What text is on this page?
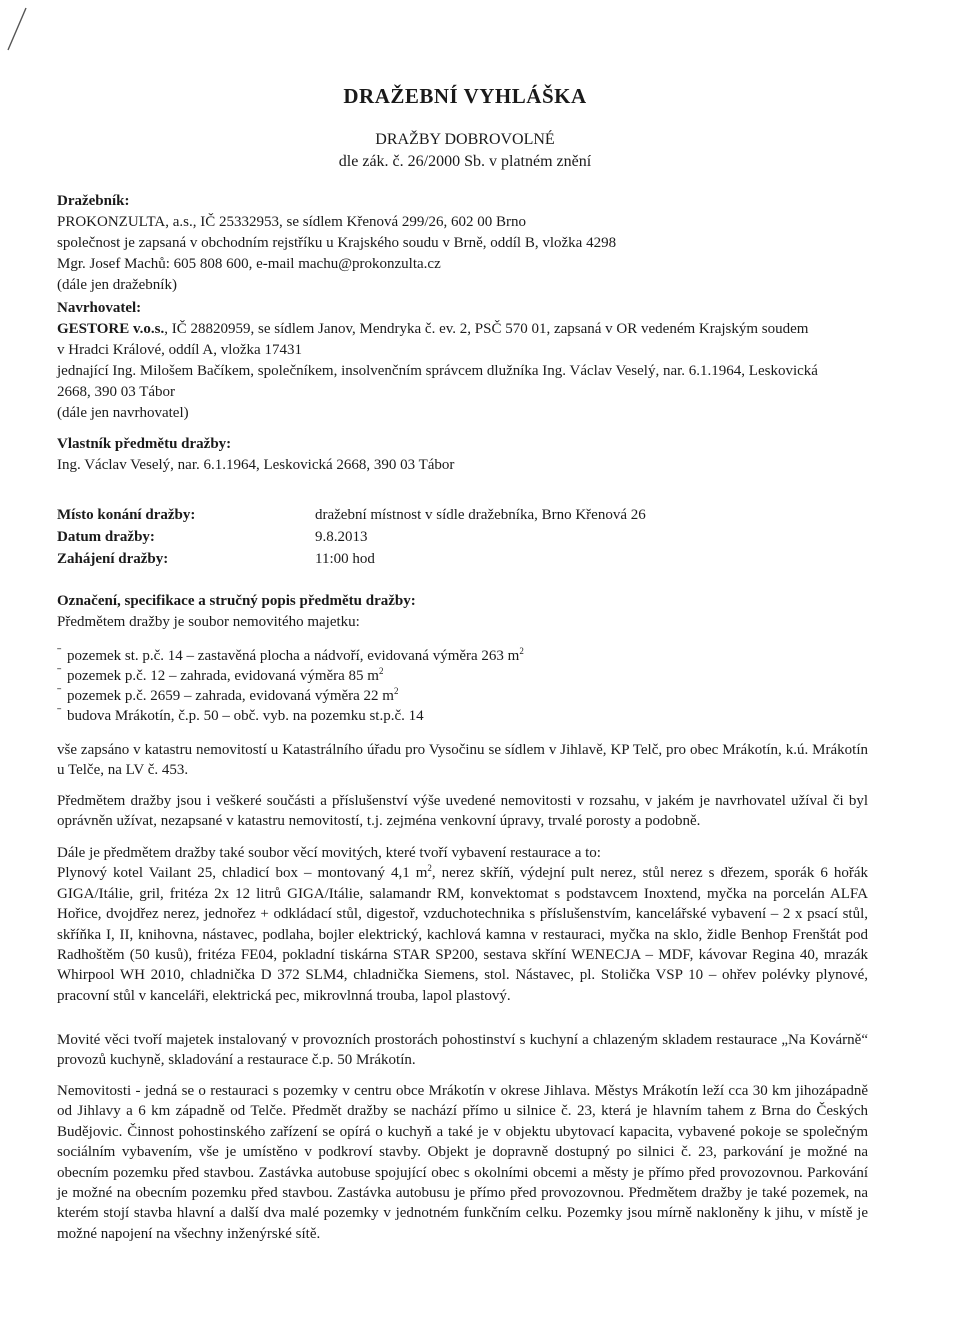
DRAŽEBNÍ VYHLÁŠKA
DRAŽBY DOBROVOLNÉ
dle zák. č. 26/2000 Sb. v platném znění
Dražebník:
PROKONZULTA, a.s., IČ 25332953, se sídlem Křenová 299/26, 602 00 Brno
společnost je zapsaná v obchodním rejstříku u Krajského soudu v Brně, oddíl B, vložka 4298
Mgr. Josef Machů: 605 808 600, e-mail machu@prokonzulta.cz
(dále jen dražebník)
Navrhovatel:
GESTORE v.o.s., IČ 28820959, se sídlem Janov, Mendryka č. ev. 2, PSČ 570 01, zapsaná v OR vedeném Krajským soudem
v Hradci Králové, oddíl A, vložka 17431
jednající Ing. Milošem Bačíkem, společníkem, insolvenčním správcem dlužníka Ing. Václav Veselý, nar. 6.1.1964, Leskovická
2668, 390 03 Tábor
(dále jen navrhovatel)
Vlastník předmětu dražby:
Ing. Václav Veselý, nar. 6.1.1964, Leskovická 2668, 390 03 Tábor
Místo konání dražby:	dražební místnost v sídle dražebníka, Brno Křenová 26
Datum dražby:	9.8.2013
Zahájení dražby:	11:00 hod
Označení, specifikace a stručný popis předmětu dražby:
Předmětem dražby je soubor nemovitého majetku:
ˉ pozemek st. p.č. 14 – zastavěná plocha a nádvoří, evidovaná výměra 263 $m^2$
ˉ pozemek p.č. 12 – zahrada, evidovaná výměra 85 $m^2$
ˉ pozemek p.č. 2659 – zahrada, evidovaná výměra 22 $m^2$
ˉ budova Mrákotín, č.p. 50 – obč. vyb. na pozemku st.p.č. 14
vše zapsáno v katastru nemovitostí u Katastrálního úřadu pro Vysočinu se sídlem v Jihlavě, KP Telč, pro obec Mrákotín, k.ú. Mrákotín u Telče, na LV č. 453.
Předmětem dražby jsou i veškeré součásti a příslušenství výše uvedené nemovitosti v rozsahu, v jakém je navrhovatel užíval či byl oprávněn užívat, nezapsané v katastru nemovitostí, t.j. zejména venkovní úpravy, trvalé porosty a podobně.
Dále je předmětem dražby také soubor věcí movitých, které tvoří vybavení restaurace a to:
Plynový kotel Vailant 25, chladicí box – montovaný 4,1 $m^2$, nerez skříň, výdejní pult nerez, stůl nerez s dřezem, sporák 6 hořák GIGA/Itálie, gril, fritéza 2x 12 litrů GIGA/Itálie, salamandr RM, konvektomat s podstavcem Inoxtend, myčka na porcelán ALFA Hořice, dvojdřez nerez, jednořez + odkládací stůl, digestoř, vzduchotechnika s příslušenstvím, kancelářské vybavení – 2 x psací stůl, skříňka I, II, knihovna, nástavec, podlaha, bojler elektrický, kachlová kamna v restauraci, myčka na sklo, židle Benhop Frenštát pod Radhoštěm (50 kusů), fritéza FE04, pokladní tiskárna STAR SP200, sestava skříní WENECJA – MDF, kávovar Regina 40, mrazák Whirpool WH 2010, chladnička D 372 SLM4, chladnička Siemens, stol. Nástavec, pl. Stolička VSP 10 – ohřev polévky plynové, pracovní stůl v kanceláři, elektrická pec, mikrovlnná trouba, lapol plastový.
Movité věci tvoří majetek instalovaný v provozních prostorách pohostinství s kuchyní a chlazeným skladem restaurace „Na Kovárně“ provozů kuchyně, skladování a restaurace č.p. 50 Mrákotín.
Nemovitosti - jedná se o restauraci s pozemky v centru obce Mrákotín v okrese Jihlava. Městys Mrákotín leží cca 30 km jihozápadně od Jihlavy a 6 km západně od Telče. Předmět dražby se nachází přímo u silnice č. 23, která je hlavním tahem z Brna do Českých Budějovic. Činnost pohostinského zařízení se opírá o kuchyň a také je v objektu ubytovací kapacita, vybavené pokoje se společným sociálním vybavením, vše je umístěno v podkroví stavby. Objekt je dopravně dostupný po silnici č. 23, parkování je možné na obecním pozemku před stavbou. Zastávka autobuse spojující obec s okolními obcemi a městy je přímo před provozovnou. Parkování je možné na obecním pozemku před stavbou. Zastávka autobusu je přímo před provozovnou. Předmětem dražby je také pozemek, na kterém stojí stavba hlavní a další dva malé pozemky v jednotném funkčním celku. Pozemky jsou mírně nakloněny k jihu, v místě je možné napojení na všechny inženýrské sítě.
